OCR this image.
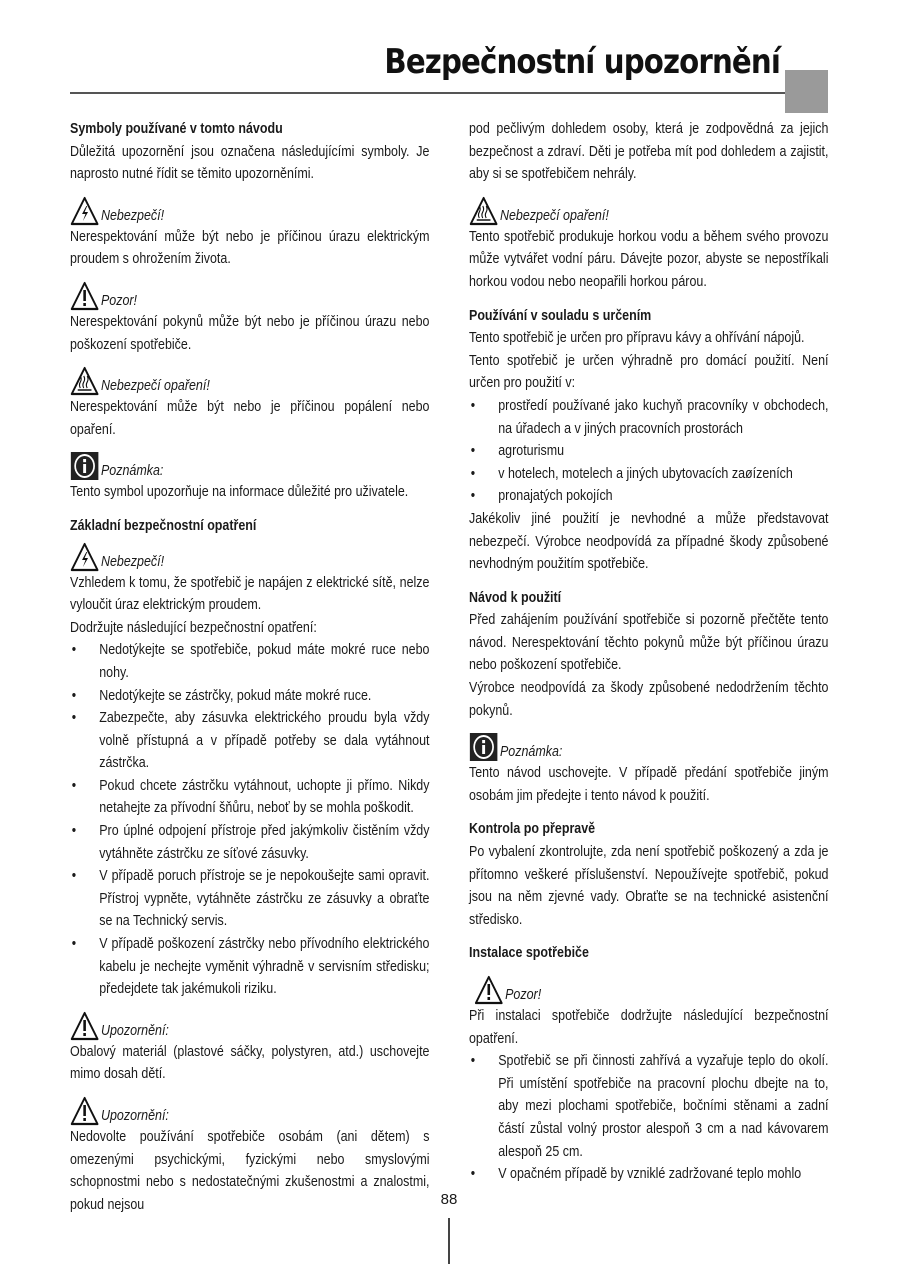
Bezpečnostní upozornění
Symboly používané v tomto návodu

Důležitá upozornění jsou označena následujícími symboly. Je naprosto nutné řídit se těmito upozorněními.

Nebezpečí!

Nerespektování může být nebo je příčinou úrazu elektrickým proudem s ohrožením života.

Pozor!

Nerespektování pokynů může být nebo je příčinou úrazu nebo poškození spotřebiče.

Nebezpečí opaření!

Nerespektování může být nebo je příčinou popálení nebo opaření.

Poznámka:

Tento symbol upozorňuje na informace důležité pro uživatele.

Základní bezpečnostní opatření
Nebezpečí!

Vzhledem k tomu, že spotřebič je napájen z elektrické sítě, nelze vyloučit úraz elektrickým proudem.

Dodržujte následující bezpečnostní opatření:

• Nedotýkejte se spotřebiče, pokud máte mokré ruce nebo nohy.
• Nedotýkejte se zástrčky, pokud máte mokré ruce.
• Zabezpečte, aby zásuvka elektrického proudu byla vždy volně přístupná a v případě potřeby se dala vytáhnout zástrčka.
• Pokud chcete zástrčku vytáhnout, uchopte ji přímo. Nikdy netahejte za přívodní šňůru, neboť by se mohla poškodit.
• Pro úplné odpojení přístroje před jakýmkoliv čistěním vždy vytáhněte zástrčku ze síťové zásuvky.
• V případě poruch přístroje se je nepokoušejte sami opravit. Přístroj vypněte, vytáhněte zástrčku ze zásuvky a obraťte se na Technický servis.
• V případě poškození zástrčky nebo přívodního elektrického kabelu je nechejte vyměnit výhradně v servisním středisku; předejdete tak jakémukoli riziku.
Upozornění:

Obalový materiál (plastové sáčky, polystyren, atd.) uschovejte mimo dosah dětí.

Upozornění:

Nedovolte používání spotřebiče osobám (ani dětem) s omezenými psychickými, fyzickými nebo smyslovými schopnostmi nebo s nedostatečnými zkušenostmi a znalostmi, pokud nejsou

pod pečlivým dohledem osoby, která je zodpovědná za jejich bezpečnost a zdraví. Děti je potřeba mít pod dohledem a zajistit, aby si se spotřebičem nehrály.

Nebezpečí opaření!

Tento spotřebič produkuje horkou vodu a během svého provozu může vytvářet vodní páru. Dávejte pozor, abyste se nepostříkali horkou vodou nebo neopařili horkou párou.

Používání v souladu s určením

Tento spotřebič je určen pro přípravu kávy a ohřívání nápojů.

Tento spotřebič je určen výhradně pro domácí použití. Není určen pro použití v:

• prostředí používané jako kuchyň pracovníky v obchodech, na úřadech a v jiných pracovních prostorách
• agroturismu
• v hotelech, motelech a jiných ubytovacích zaøízeních
• pronajatých pokojích

Jakékoliv jiné použití je nevhodné a může představovat nebezpečí. Výrobce neodpovídá za případné škody způsobené nevhodným použitím spotřebiče.

Návod k použití

Před zahájením používání spotřebiče si pozorně přečtěte tento návod. Nerespektování těchto pokynů může být příčinou úrazu nebo poškození spotřebiče.

Výrobce neodpovídá za škody způsobené nedodržením těchto pokynů.

Poznámka:

Tento návod uschovejte. V případě předání spotřebiče jiným osobám jim předejte i tento návod k použití.

Kontrola po přepravě

Po vybalení zkontrolujte, zda není spotřebič poškozený a zda je přítomno veškeré příslušenství. Nepoužívejte spotřebič, pokud jsou na něm zjevné vady. Obraťte se na technické asistenční středisko.

Instalace spotřebiče
Pozor!

Při instalaci spotřebiče dodržujte následující bezpečnostní opatření.

• Spotřebič se při činnosti zahřívá a vyzařuje teplo do okolí. Při umístění spotřebiče na pracovní plochu dbejte na to, aby mezi plochami spotřebiče, bočními stěnami a zadní částí zůstal volný prostor alespoň 3 cm a nad kávovarem alespoň 25 cm.
• V opačném případě by vzniklé zadržované teplo mohlo
88
